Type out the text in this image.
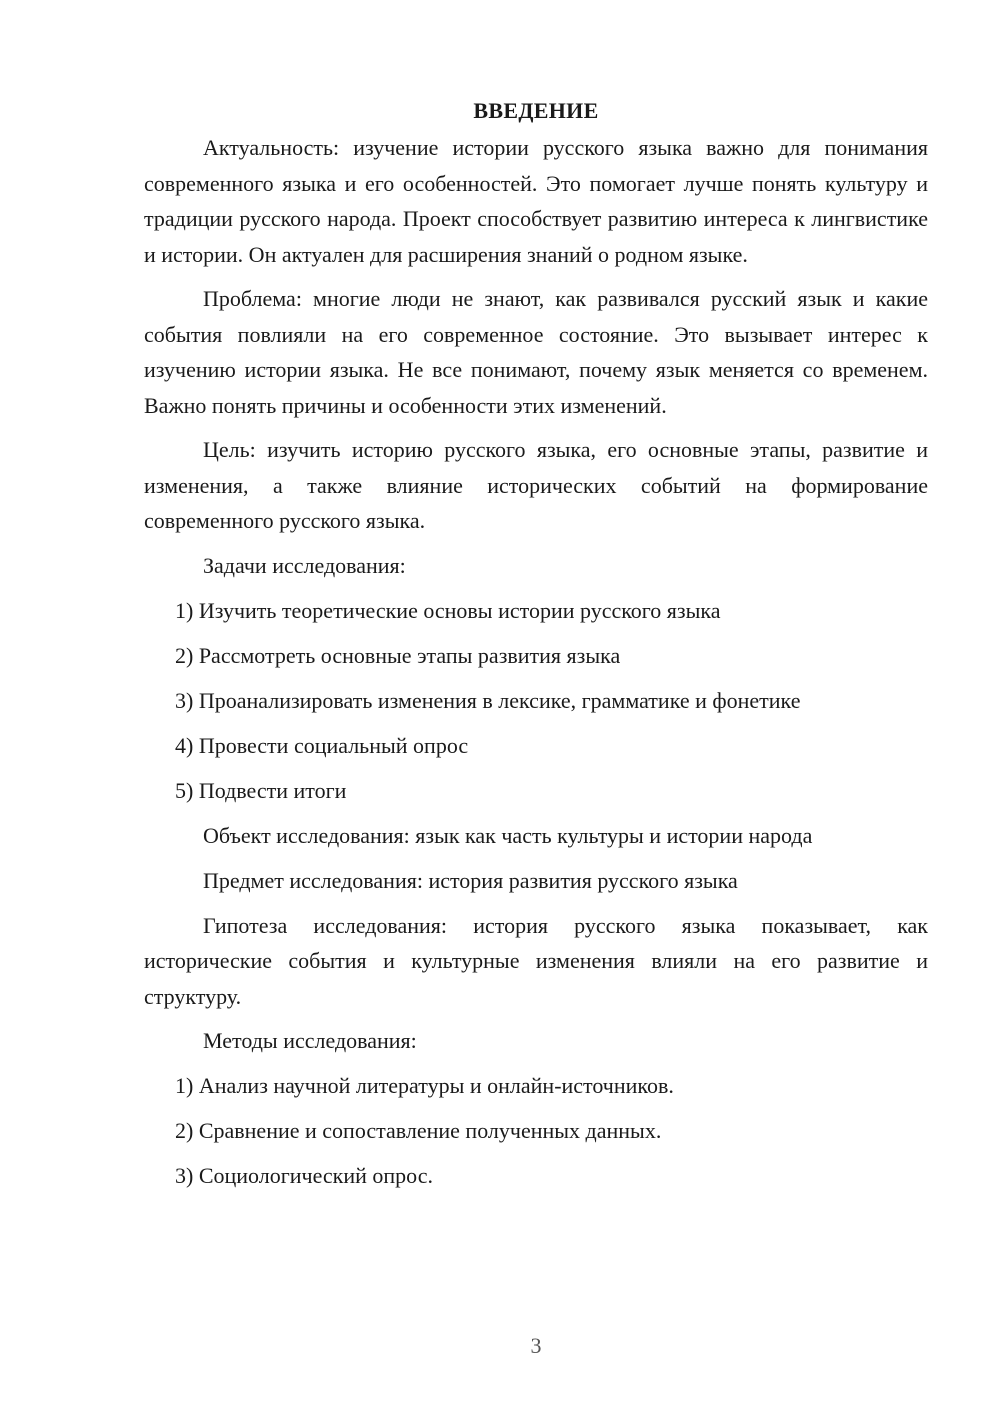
ВВЕДЕНИЕ

Актуальность: изучение истории русского языка важно для понимания современного языка и его особенностей. Это помогает лучше понять культуру и традиции русского народа. Проект способствует развитию интереса к лингвистике и истории. Он актуален для расширения знаний о родном языке.

Проблема: многие люди не знают, как развивался русский язык и какие события повлияли на его современное состояние. Это вызывает интерес к изучению истории языка. Не все понимают, почему язык меняется со временем. Важно понять причины и особенности этих изменений.

Цель: изучить историю русского языка, его основные этапы, развитие и изменения, а также влияние исторических событий на формирование современного русского языка.

Задачи исследования:

1) Изучить теоретические основы истории русского языка

2) Рассмотреть основные этапы развития языка

3) Проанализировать изменения в лексике, грамматике и фонетике

4) Провести социальный опрос

5) Подвести итоги

Объект исследования: язык как часть культуры и истории народа

Предмет исследования: история развития русского языка

Гипотеза исследования: история русского языка показывает, как исторические события и культурные изменения влияли на его развитие и структуру.

Методы исследования:

1) Анализ научной литературы и онлайн-источников.

2) Сравнение и сопоставление полученных данных.

3) Социологический опрос.

3
